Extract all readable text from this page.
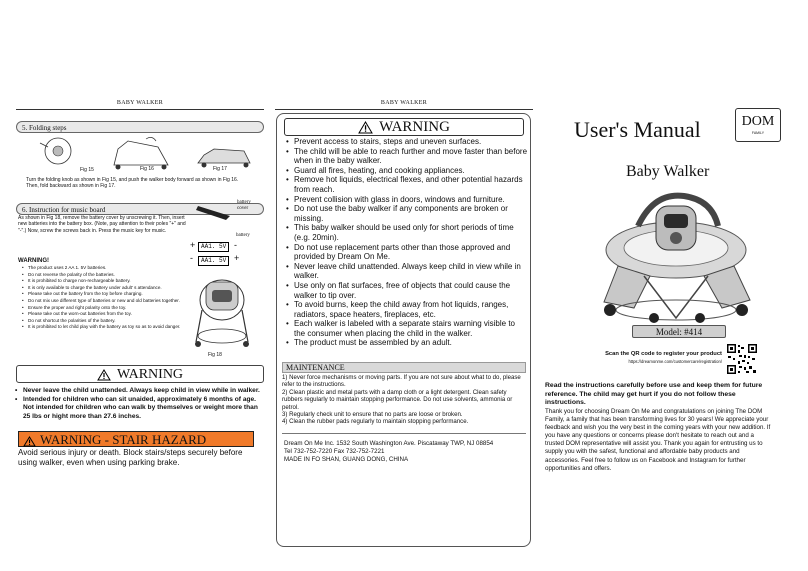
BABY WALKER
5. Folding steps
Fig 15	Fig 16	Fig 17
Turn the folding knob as shown in Fig 15, and push the walker body forward as shown in Fig 16. Then, fold backward as shown in Fig 17.
6. Instruction for music board
As shown in Fig 18, remove the battery cover by unscrewing it. Then, insert new batteries into the battery box. (Note, pay attention to their poles "+" and "-".) Now, screw the screws back in. Press the music key for music.
battery cover
battery
+ AA1. 5V -
-	AA1. 5V +
Fig 18
WARNING!
• The product uses 2 AA 1. 5V batteries.
• Do not reverse the polarity of the batteries.
• It is prohibited to charge non-rechargeable battery.
• It is only available to charge the battery under adult' s attendance.
• Please take out the battery from the toy before charging.
• Do not mix use different type of batteries or new and old batteries together.
• Ensure the proper and right polarity onto the toy.
• Please take out the worn-out batteries from the toy.
• Do not shortcut the polarities of the battery.
• It is prohibited to let child play with the battery as toy so as to avoid danger.
WARNING
• Never leave the child unattended. Always keep child in view while in walker.
• Intended for children who can sit unaided, approximately 6 months of age. Not intended for children who can walk by themselves or weight more than 25 lbs or hight more than 27.6 inches.
WARNING - STAIR HAZARD
Avoid serious injury or death. Block stairs/steps securely before using walker, even when using parking brake.
BABY WALKER
WARNING
• Prevent access to stairs, steps and uneven surfaces.
• The child will be able to reach further and move faster than before when in the baby walker.
• Guard all fires, heating, and cooking appliances.
• Remove hot liquids, electrical flexes, and other potential hazards from reach.
• Prevent collision with glass in doors, windows and furniture.
• Do not use the baby walker if any components are broken or missing.
• This baby walker should be used only for short periods of time (e.g. 20min).
• Do not use replacement parts other than those approved and provided by Dream On Me.
• Never leave child unattended. Always keep child in view while in walker.
• Use only on flat surfaces, free of objects that could cause the walker to tip over.
• To avoid burns, keep the child away from hot liquids, ranges, radiators, space heaters, fireplaces, etc.
• Each walker is labeled with a separate stairs warning visible to the consumer when placing the child in the walker.
• The product must be assembled by an adult.
MAINTENANCE
1) Never force mechanisms or moving parts. If you are not sure about what to do, please refer to the instructions.
2) Clean plastic and metal parts with a damp cloth or a light detergent. Clean safety rubbers regularly to maintain stopping performance. Do not use solvents, ammonia or petrol.
3) Regularly check unit to ensure that no parts are loose or broken.
4) Clean the rubber pads regularly to maintain stopping performance.
Dream On Me Inc. 1532 South Washington Ave. Piscataway TWP, NJ 08854
Tel 732-752-7220 Fax 732-752-7221
MADE IN FO SHAN, GUANG DONG, CHINA
User's Manual	DOM
FAMILY
Baby Walker
Model: #414
Scan the QR code to register your product
https://dreamonme.com/customercare/registration/
Read the instructions carefully before use and keep them for future reference. The child may get hurt if you do not follow these instructions.
Thank you for choosing Dream On Me and congratulations on joining The DOM Family, a family that has been transforming lives for 30 years! We appreciate your feedback and wish you the very best in the coming years with your new addition. If you have any questions or concerns please don't hesitate to reach out and a trusted DOM representative will assist you. Thank you again for entrusting us to supply you with the safest, functional and affordable baby products and accessories. Feel free to follow us on Facebook and Instagram for further opportunities and offers.
